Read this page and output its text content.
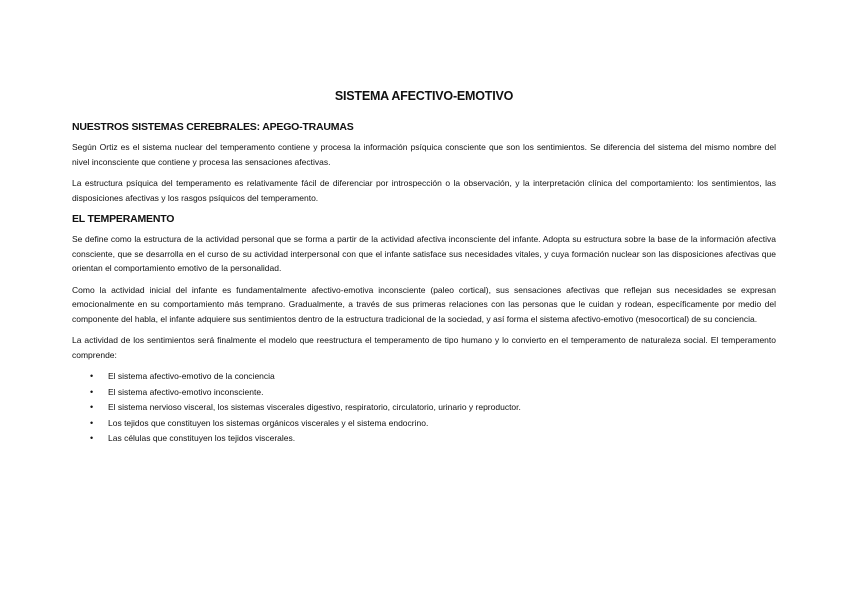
SISTEMA AFECTIVO-EMOTIVO
NUESTROS SISTEMAS CEREBRALES: APEGO-TRAUMAS

Según Ortiz es el sistema nuclear del temperamento contiene y procesa la información psíquica consciente que son los sentimientos. Se diferencia del sistema del mismo nombre del nivel inconsciente que contiene y procesa las sensaciones afectivas.

La estructura psíquica del temperamento es relativamente fácil de diferenciar por introspección o la observación, y la interpretación clínica del comportamiento: los sentimientos, las disposiciones afectivas y los rasgos psíquicos del temperamento.

EL TEMPERAMENTO

Se define como la estructura de la actividad personal que se forma a partir de la actividad afectiva inconsciente del infante. Adopta su estructura sobre la base de la información afectiva consciente, que se desarrolla en el curso de su actividad interpersonal con que el infante satisface sus necesidades vitales, y cuya formación nuclear son las disposiciones afectivas que orientan el comportamiento emotivo de la personalidad.

Como la actividad inicial del infante es fundamentalmente afectivo-emotiva inconsciente (paleo cortical), sus sensaciones afectivas que reflejan sus necesidades se expresan emocionalmente en su comportamiento más temprano. Gradualmente, a través de sus primeras relaciones con las personas que le cuidan y rodean, específicamente por medio del componente del habla, el infante adquiere sus sentimientos dentro de la estructura tradicional de la sociedad, y así forma el sistema afectivo-emotivo (mesocortical) de su conciencia.

La actividad de los sentimientos será finalmente el modelo que reestructura el temperamento de tipo humano y lo convierto en el temperamento de naturaleza social. El temperamento comprende:

• El sistema afectivo-emotivo de la conciencia
• El sistema afectivo-emotivo inconsciente.
• El sistema nervioso visceral, los sistemas viscerales digestivo, respiratorio, circulatorio, urinario y reproductor.
• Los tejidos que constituyen los sistemas orgánicos viscerales y el sistema endocrino.
• Las células que constituyen los tejidos viscerales.
